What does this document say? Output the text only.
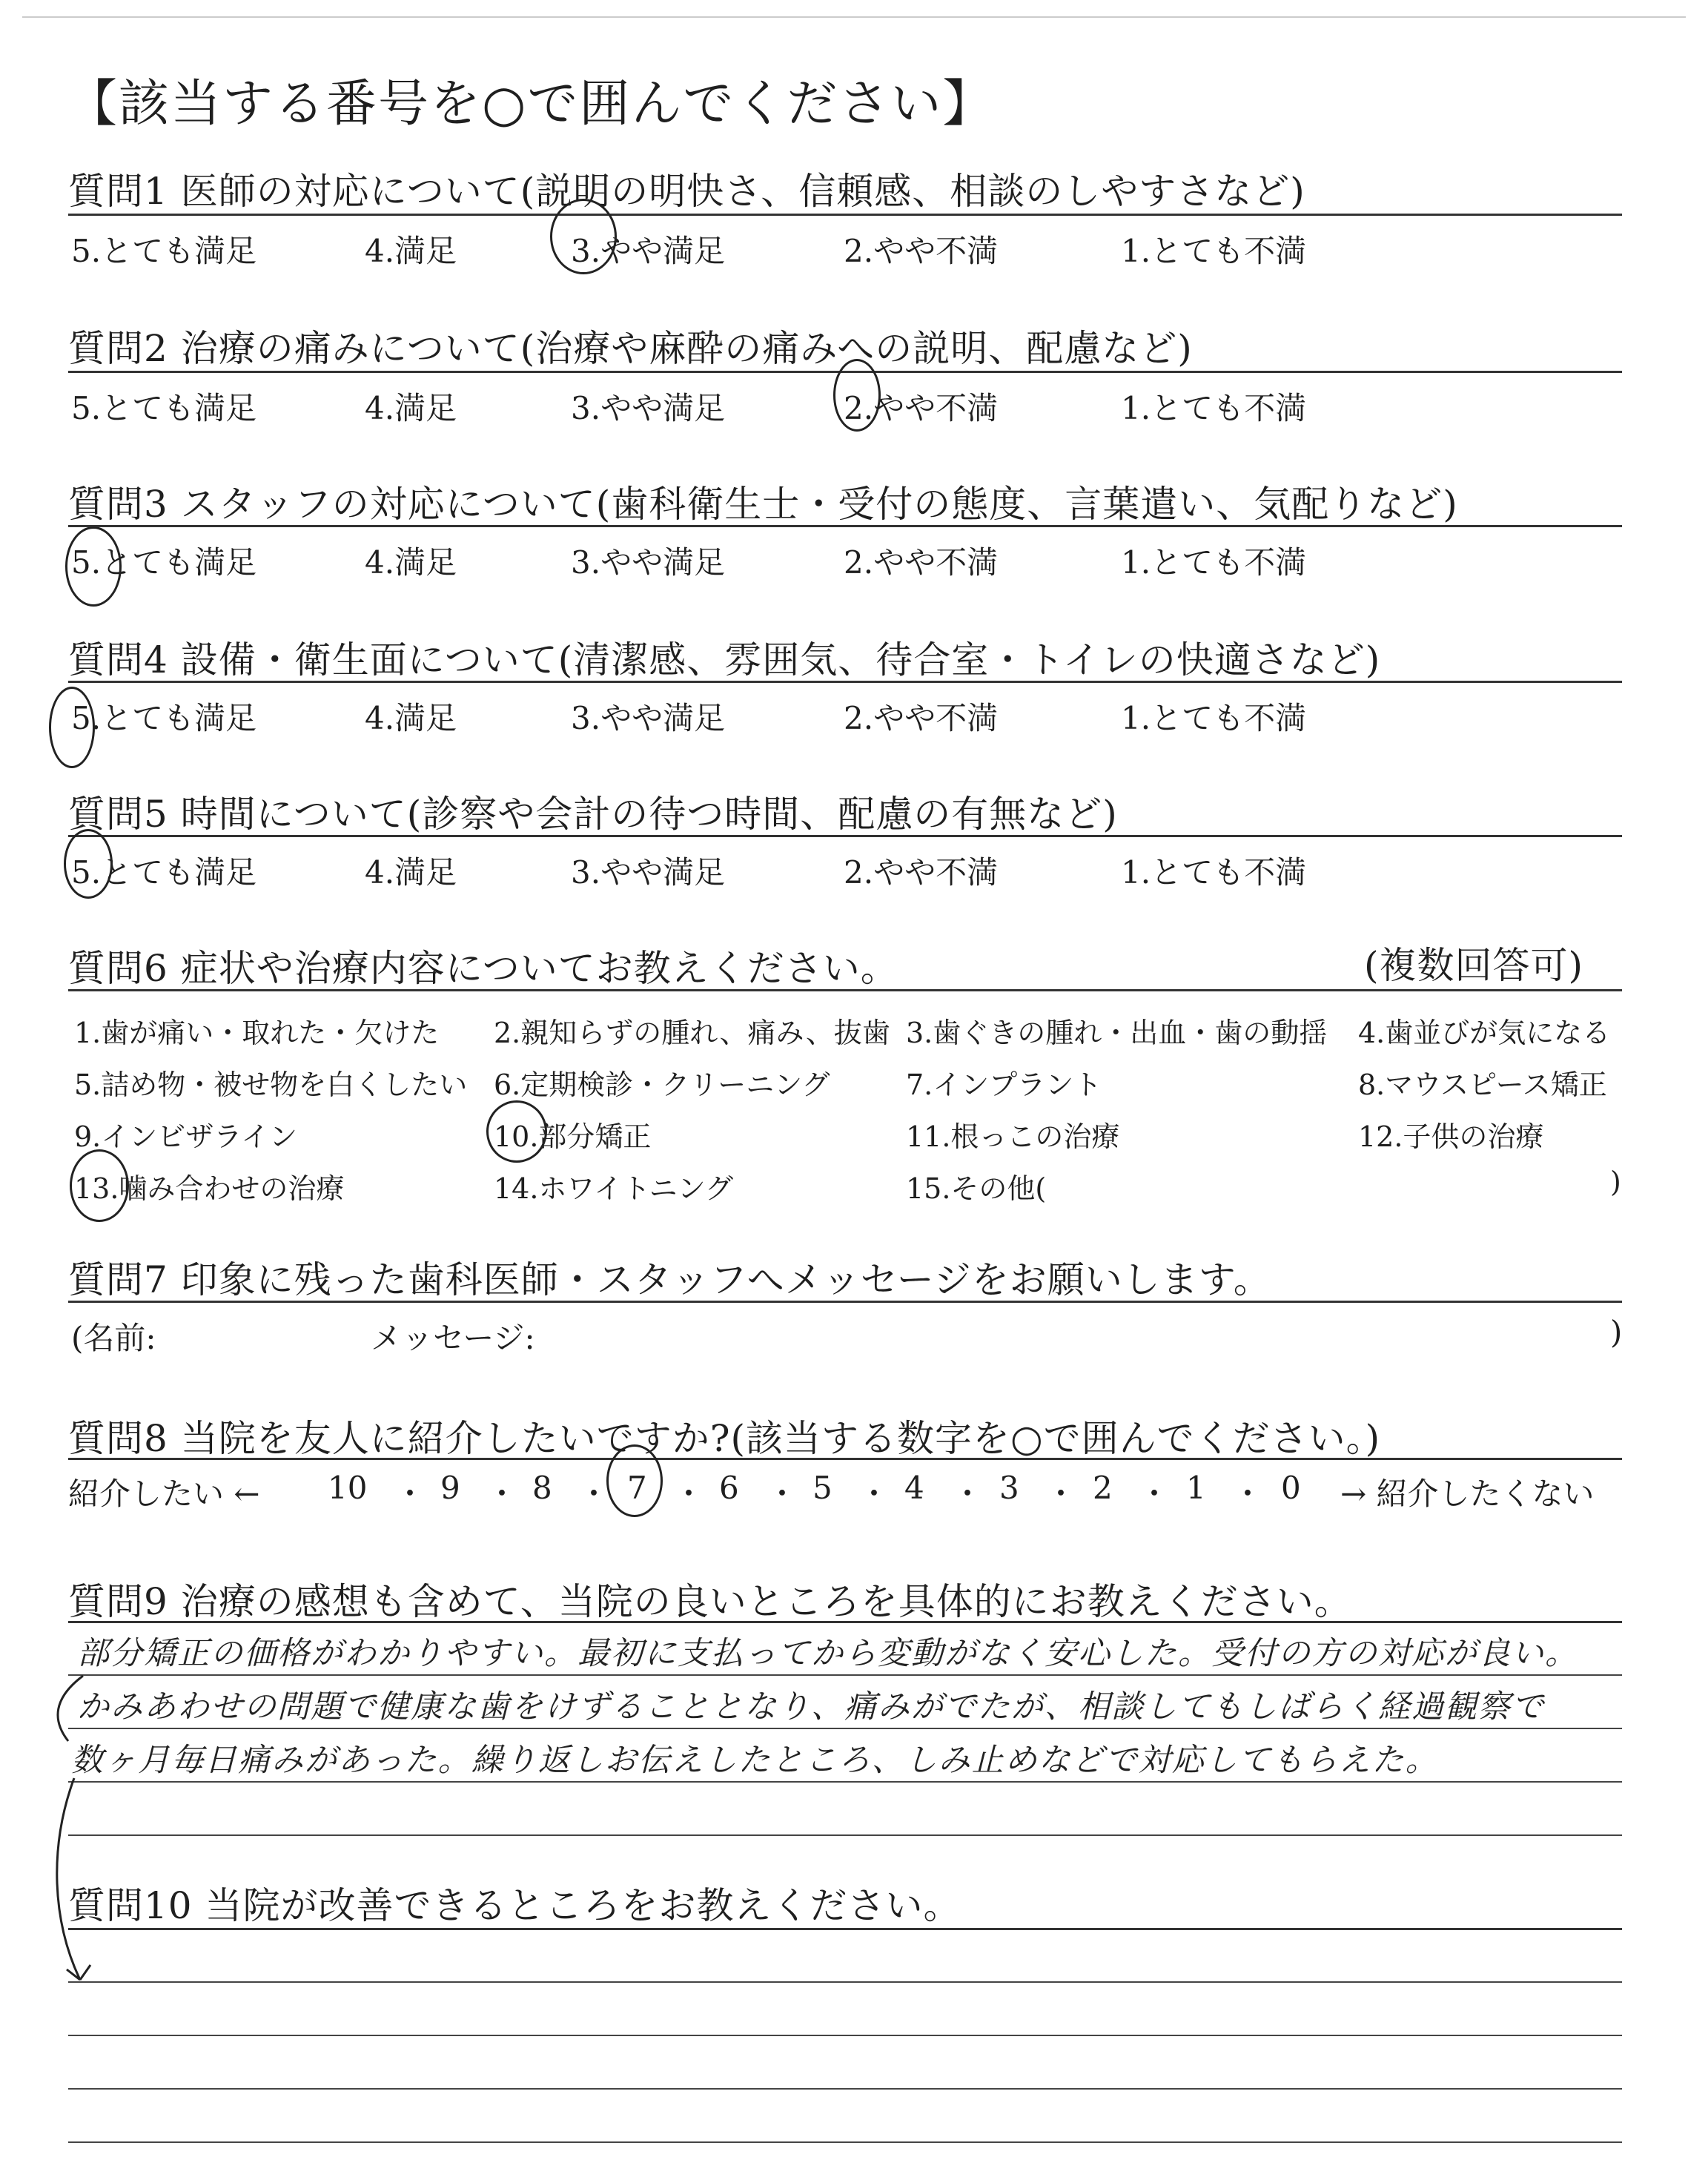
【該当する番号を○で囲んでください】
質問1 医師の対応について(説明の明快さ、信頼感、相談のしやすさなど)
5.とても満足	4.満足	3.やや満足	2.やや不満	1.とても不満
質問2 治療の痛みについて(治療や麻酔の痛みへの説明、配慮など)
5.とても満足	4.満足	3.やや満足	2.やや不満	1.とても不満
質問3 スタッフの対応について(歯科衛生士・受付の態度、言葉遣い、気配りなど)
5.とても満足	4.満足	3.やや満足	2.やや不満	1.とても不満
質問4 設備・衛生面について(清潔感、雰囲気、待合室・トイレの快適さなど)
5.とても満足	4.満足	3.やや満足	2.やや不満	1.とても不満
質問5 時間について(診察や会計の待つ時間、配慮の有無など)
5.とても満足	4.満足	3.やや満足	2.やや不満	1.とても不満
質問6 症状や治療内容についてお教えください。	(複数回答可)
1.歯が痛い・取れた・欠けた 2.親知らずの腫れ、痛み、抜歯 3.歯ぐきの腫れ・出血・歯の動揺 4.歯並びが気になる
5.詰め物・被せ物を白くしたい 6.定期検診・クリーニング	7.インプラント	8.マウスピース矯正
9.インビザライン	10.部分矯正	11.根っこの治療	12.子供の治療
13.噛み合わせの治療	14.ホワイトニング	15.その他(	)
質問7 印象に残った歯科医師・スタッフへメッセージをお願いします。
(名前:	メッセージ:	)
質問8 当院を友人に紹介したいですか?(該当する数字を○で囲んでください。)
紹介したい ← 10 ・ 9 ・ 8 ・ 7 ・ 6 ・ 5 ・ 4 ・ 3 ・ 2 ・ 1 ・ 0 → 紹介したくない
質問9 治療の感想も含めて、当院の良いところを具体的にお教えください。
部分矯正の価格がわかりやすい。最初に支払ってから変動がなく安心した。受付の方の対応が良い。
かみあわせの問題で健康な歯をけずることとなり、痛みがでたが、相談してもしばらく経過観察で
数ヶ月毎日痛みがあった。繰り返しお伝えしたところ、しみ止めなどで対応してもらえた。
質問10 当院が改善できるところをお教えください。
